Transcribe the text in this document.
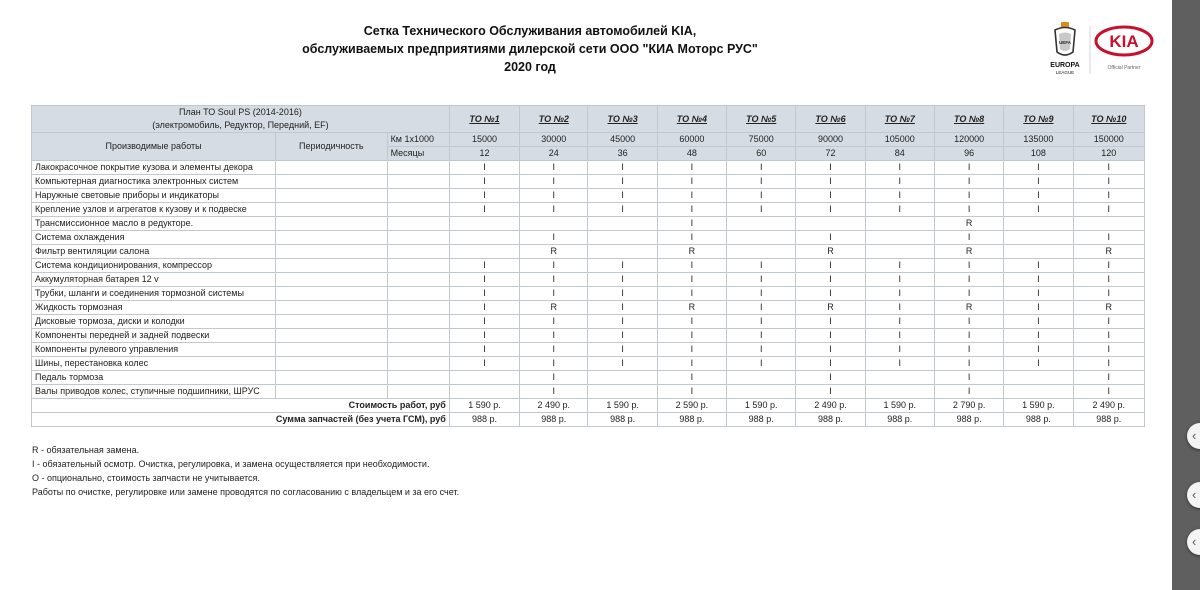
Сетка Технического Обслуживания автомобилей KIA,
обслуживаемых предприятиями дилерской сети ООО "КИА Моторс РУС"
2020 год
UEFA
EUROPA
LEAGUE
KIA
Official Partner
План ТО Soul PS (2014-2016)
(электромобиль, Редуктор, Передний, EF)			ТО №1	ТО №2	ТО №3	ТО №4	ТО №5	ТО №6	ТО №7	ТО №8	ТО №9	ТО №10
Производимые работы	Периодичность	Км 1х1000	15000	30000	45000	60000	75000	90000	105000	120000	135000	150000
		Месяцы	12	24	36	48	60	72	84	96	108	120
Лакокрасочное покрытие кузова и элементы декора			I	I	I	I	I	I	I	I	I	I
Компьютерная диагностика электронных систем			I	I	I	I	I	I	I	I	I	I
Наружные световые приборы и индикаторы			I	I	I	I	I	I	I	I	I	I
Крепление узлов и агрегатов к кузову и к подвеске			I	I	I	I	I	I	I	I	I	I
Трансмиссионное масло в редукторе.						I				R		
Система охлаждения				I		I		I		I		I
Фильтр вентиляции салона				R		R		R		R		R
Система кондиционирования, компрессор			I	I	I	I	I	I	I	I	I	I
Аккумуляторная батарея 12 v			I	I	I	I	I	I	I	I	I	I
Трубки, шланги и соединения тормозной системы			I	I	I	I	I	I	I	I	I	I
Жидкость тормозная			I	R	I	R	I	R	I	R	I	R
Дисковые тормоза, диски и колодки			I	I	I	I	I	I	I	I	I	I
Компоненты передней и задней подвески			I	I	I	I	I	I	I	I	I	I
Компоненты рулевого управления			I	I	I	I	I	I	I	I	I	I
Шины, перестановка колес			I	I	I	I	I	I	I	I	I	I
Педаль тормоза				I		I		I		I		I
Валы приводов колес, ступичные подшипники, ШРУС				I		I		I		I		I
Стоимость работ, руб			1 590 р.	2 490 р.	1 590 р.	2 590 р.	1 590 р.	2 490 р.	1 590 р.	2 790 р.	1 590 р.	2 490 р.
Сумма запчастей (без учета ГСМ), руб			988 р.	988 р.	988 р.	988 р.	988 р.	988 р.	988 р.	988 р.	988 р.	988 р.
R - обязательная замена.
I - обязательный осмотр. Очистка, регулировка, и замена осуществляется при необходимости.
О - опционально, стоимость запчасти не учитывается.
Работы по очистке, регулировке или замене проводятся по согласованию с владельцем и за его счет.
‹
‹
‹
